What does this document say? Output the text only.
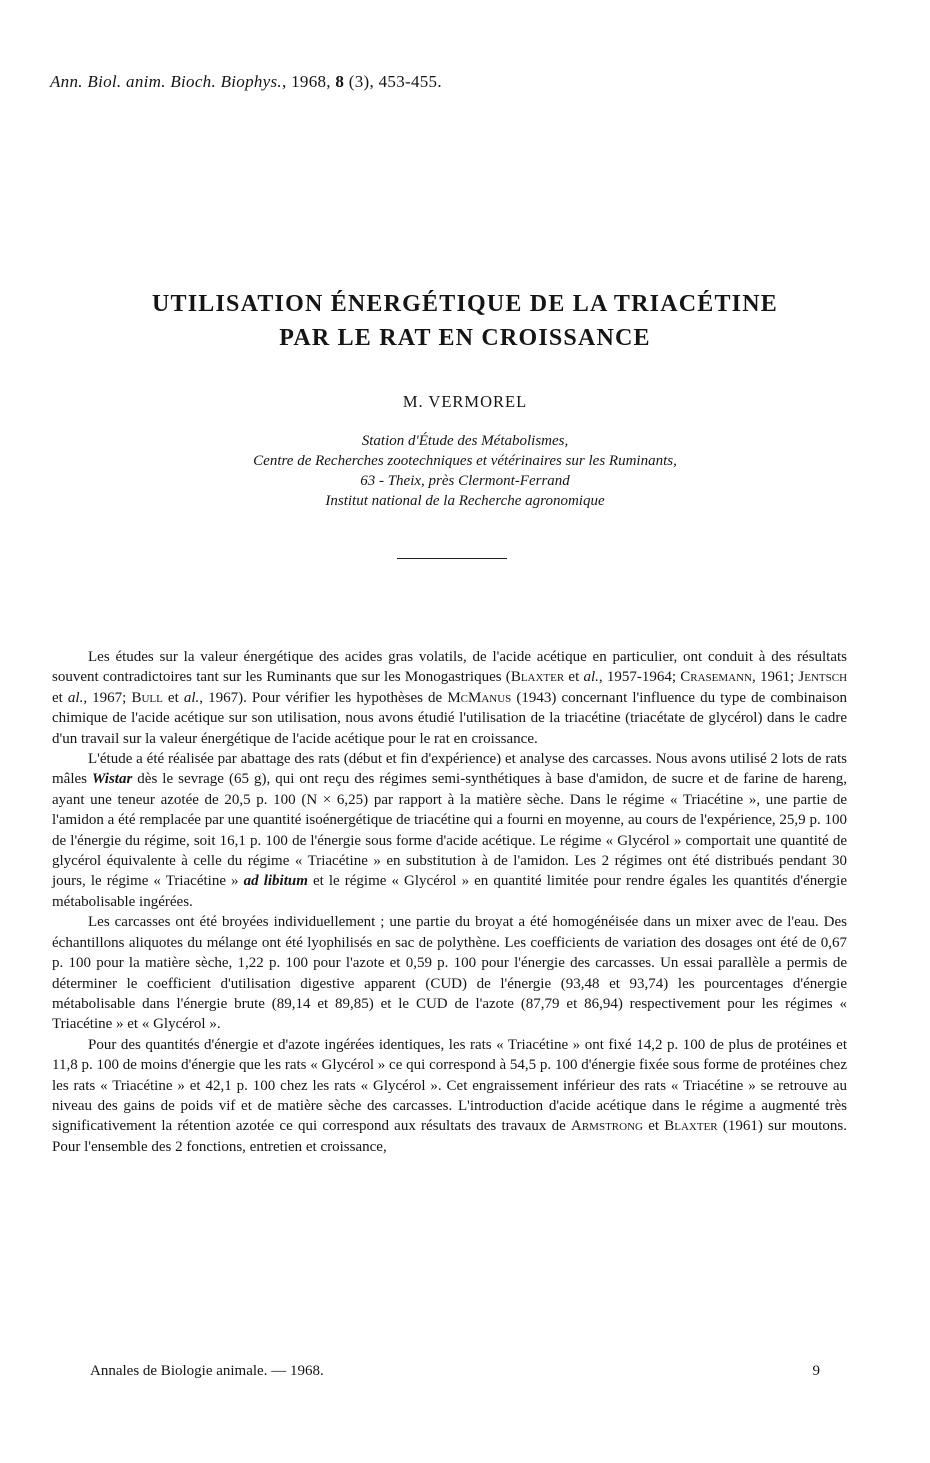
Ann. Biol. anim. Bioch. Biophys., 1968, 8 (3), 453-455.
UTILISATION ÉNERGÉTIQUE DE LA TRIACÉTINE
PAR LE RAT EN CROISSANCE
M. VERMOREL
Station d'Étude des Métabolismes,
Centre de Recherches zootechniques et vétérinaires sur les Ruminants,
63 - Theix, près Clermont-Ferrand
Institut national de la Recherche agronomique

Les études sur la valeur énergétique des acides gras volatils, de l'acide acétique en particulier, ont conduit à des résultats souvent contradictoires tant sur les Ruminants que sur les Monogastriques (Blaxter et al., 1957-1964; Crasemann, 1961; Jentsch et al., 1967; Bull et al., 1967). Pour vérifier les hypothèses de McManus (1943) concernant l'influence du type de combinaison chimique de l'acide acétique sur son utilisation, nous avons étudié l'utilisation de la triacétine (triacétate de glycérol) dans le cadre d'un travail sur la valeur énergétique de l'acide acétique pour le rat en croissance.

L'étude a été réalisée par abattage des rats (début et fin d'expérience) et analyse des carcasses. Nous avons utilisé 2 lots de rats mâles Wistar dès le sevrage (65 g), qui ont reçu des régimes semi-synthétiques à base d'amidon, de sucre et de farine de hareng, ayant une teneur azotée de 20,5 p. 100 (N × 6,25) par rapport à la matière sèche. Dans le régime « Triacétine », une partie de l'amidon a été remplacée par une quantité isoénergétique de triacétine qui a fourni en moyenne, au cours de l'expérience, 25,9 p. 100 de l'énergie du régime, soit 16,1 p. 100 de l'énergie sous forme d'acide acétique. Le régime « Glycérol » comportait une quantité de glycérol équivalente à celle du régime « Triacétine » en substitution à de l'amidon. Les 2 régimes ont été distribués pendant 30 jours, le régime « Triacétine » ad libitum et le régime « Glycérol » en quantité limitée pour rendre égales les quantités d'énergie métabolisable ingérées.

Les carcasses ont été broyées individuellement ; une partie du broyat a été homogénéisée dans un mixer avec de l'eau. Des échantillons aliquotes du mélange ont été lyophilisés en sac de polythène. Les coefficients de variation des dosages ont été de 0,67 p. 100 pour la matière sèche, 1,22 p. 100 pour l'azote et 0,59 p. 100 pour l'énergie des carcasses. Un essai parallèle a permis de déterminer le coefficient d'utilisation digestive apparent (CUD) de l'énergie (93,48 et 93,74) les pourcentages d'énergie métabolisable dans l'énergie brute (89,14 et 89,85) et le CUD de l'azote (87,79 et 86,94) respectivement pour les régimes « Triacétine » et « Glycérol ».

Pour des quantités d'énergie et d'azote ingérées identiques, les rats « Triacétine » ont fixé 14,2 p. 100 de plus de protéines et 11,8 p. 100 de moins d'énergie que les rats « Glycérol » ce qui correspond à 54,5 p. 100 d'énergie fixée sous forme de protéines chez les rats « Triacétine » et 42,1 p. 100 chez les rats « Glycérol ». Cet engraissement inférieur des rats « Triacétine » se retrouve au niveau des gains de poids vif et de matière sèche des carcasses. L'introduction d'acide acétique dans le régime a augmenté très significativement la rétention azotée ce qui correspond aux résultats des travaux de Armstrong et Blaxter (1961) sur moutons. Pour l'ensemble des 2 fonctions, entretien et croissance,

Annales de Biologie animale. — 1968.	9
